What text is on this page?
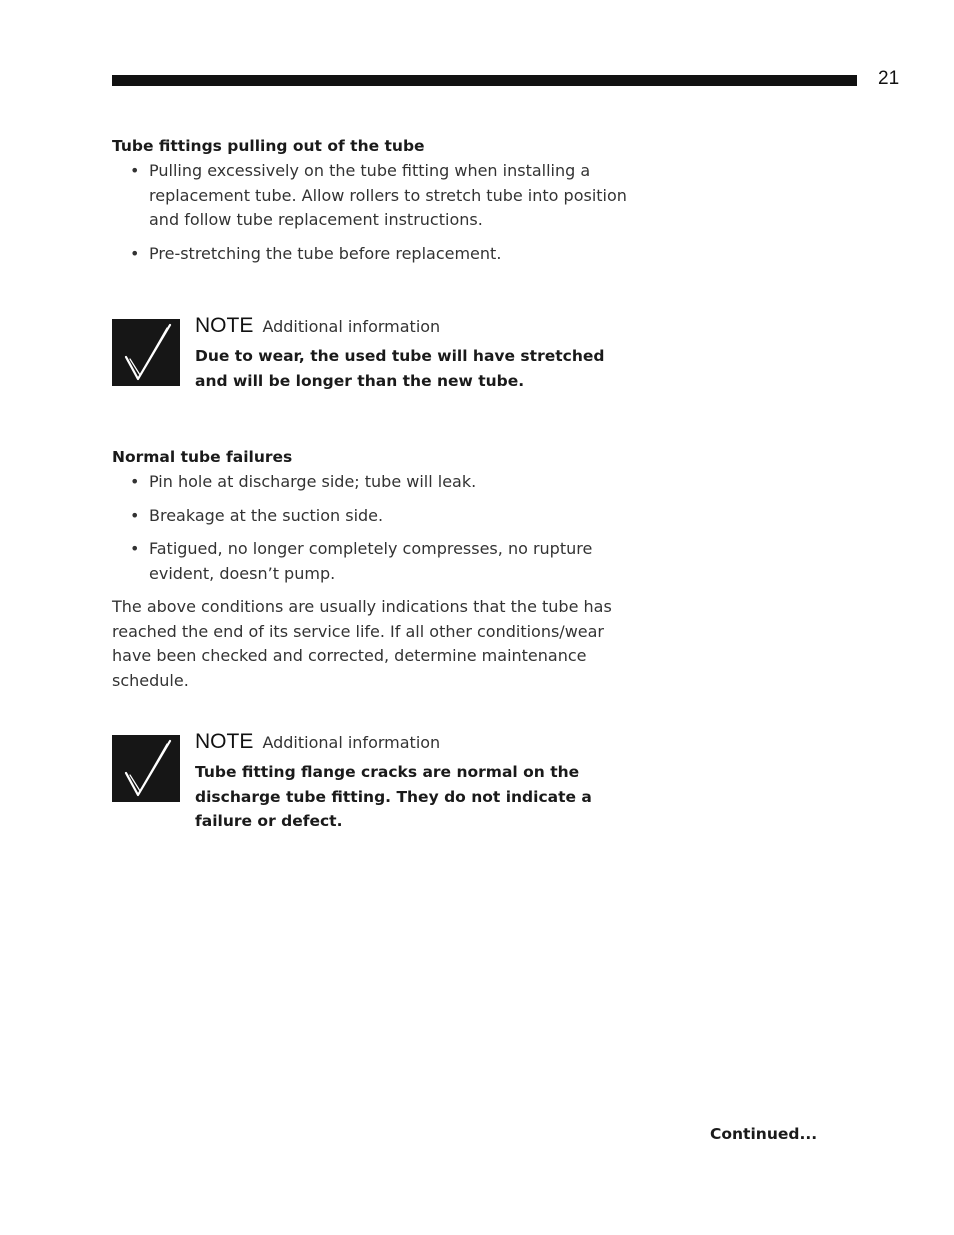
21
Tube fittings pulling out of the tube
• Pulling excessively on the tube fitting when installing a replacement tube. Allow rollers to stretch tube into position and follow tube replacement instructions.
• Pre-stretching the tube before replacement.
NOTE Additional information
Due to wear, the used tube will have stretched and will be longer than the new tube.
Normal tube failures
• Pin hole at discharge side; tube will leak.
• Breakage at the suction side.
• Fatigued, no longer completely compresses, no rupture evident, doesn’t pump.
The above conditions are usually indications that the tube has reached the end of its service life. If all other conditions/wear have been checked and corrected, determine maintenance schedule.
NOTE Additional information
Tube fitting flange cracks are normal on the discharge tube fitting. They do not indicate a failure or defect.
Continued...
